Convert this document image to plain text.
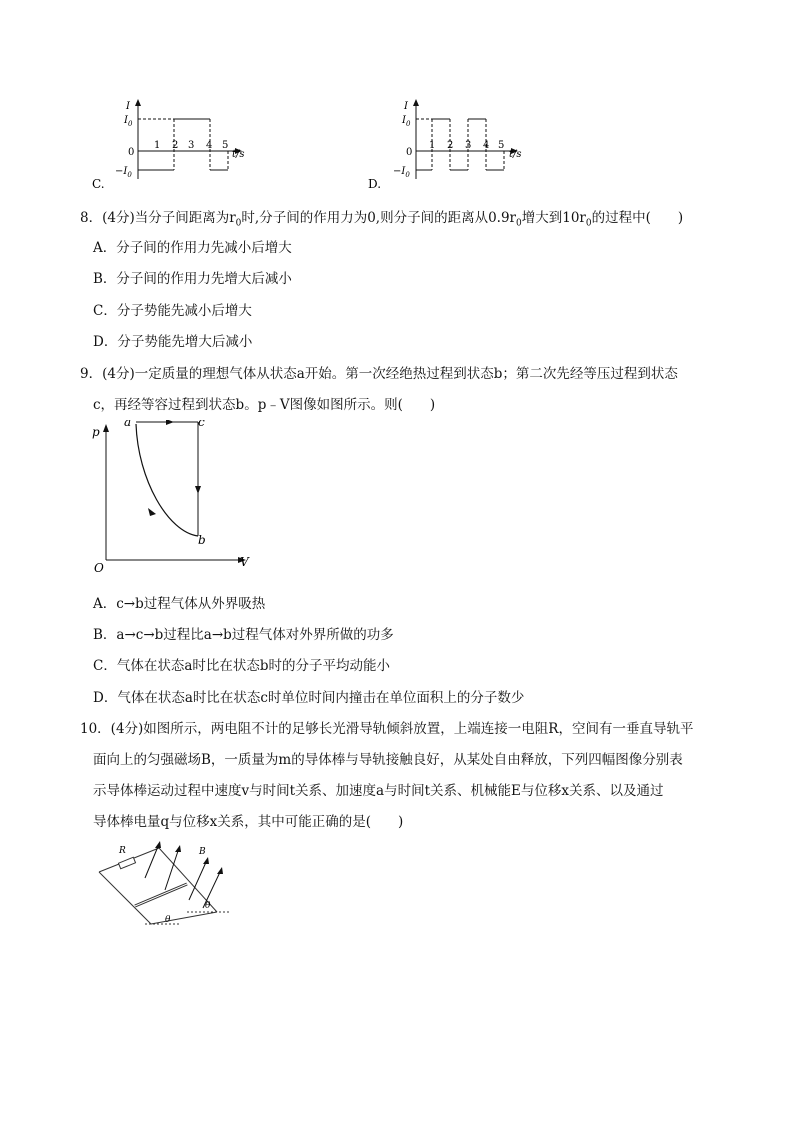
I
$I_0$
0
$-I_0$
1 2 3 4 5
t/s
C.
I
$I_0$
0
$-I_0$
1 2 3 4 5
t/s
D.
8．(4分)当分子间距离为$r_0$时,分子间的作用力为0,则分子间的距离从$0.9r_0$增大到$10r_0$的过程中(　　)
A．分子间的作用力先减小后增大
B．分子间的作用力先增大后减小
C．分子势能先减小后增大
D．分子势能先增大后减小
9．(4分)一定质量的理想气体从状态a开始。第一次经绝热过程到状态b；第二次先经等压过程到状态
c，再经等容过程到状态b。p﹣V图像如图所示。则(　　)
p
V
O
a
b
c
A．c→b过程气体从外界吸热
B．a→c→b过程比a→b过程气体对外界所做的功多
C．气体在状态a时比在状态b时的分子平均动能小
D．气体在状态a时比在状态c时单位时间内撞击在单位面积上的分子数少
10．(4分)如图所示，两电阻不计的足够长光滑导轨倾斜放置，上端连接一电阻R，空间有一垂直导轨平
面向上的匀强磁场B，一质量为m的导体棒与导轨接触良好，从某处自由释放，下列四幅图像分别表
示导体棒运动过程中速度v与时间t关系、加速度a与时间t关系、机械能E与位移x关系、以及通过
导体棒电量q与位移x关系，其中可能正确的是(　　)
R	B
θ
θ
